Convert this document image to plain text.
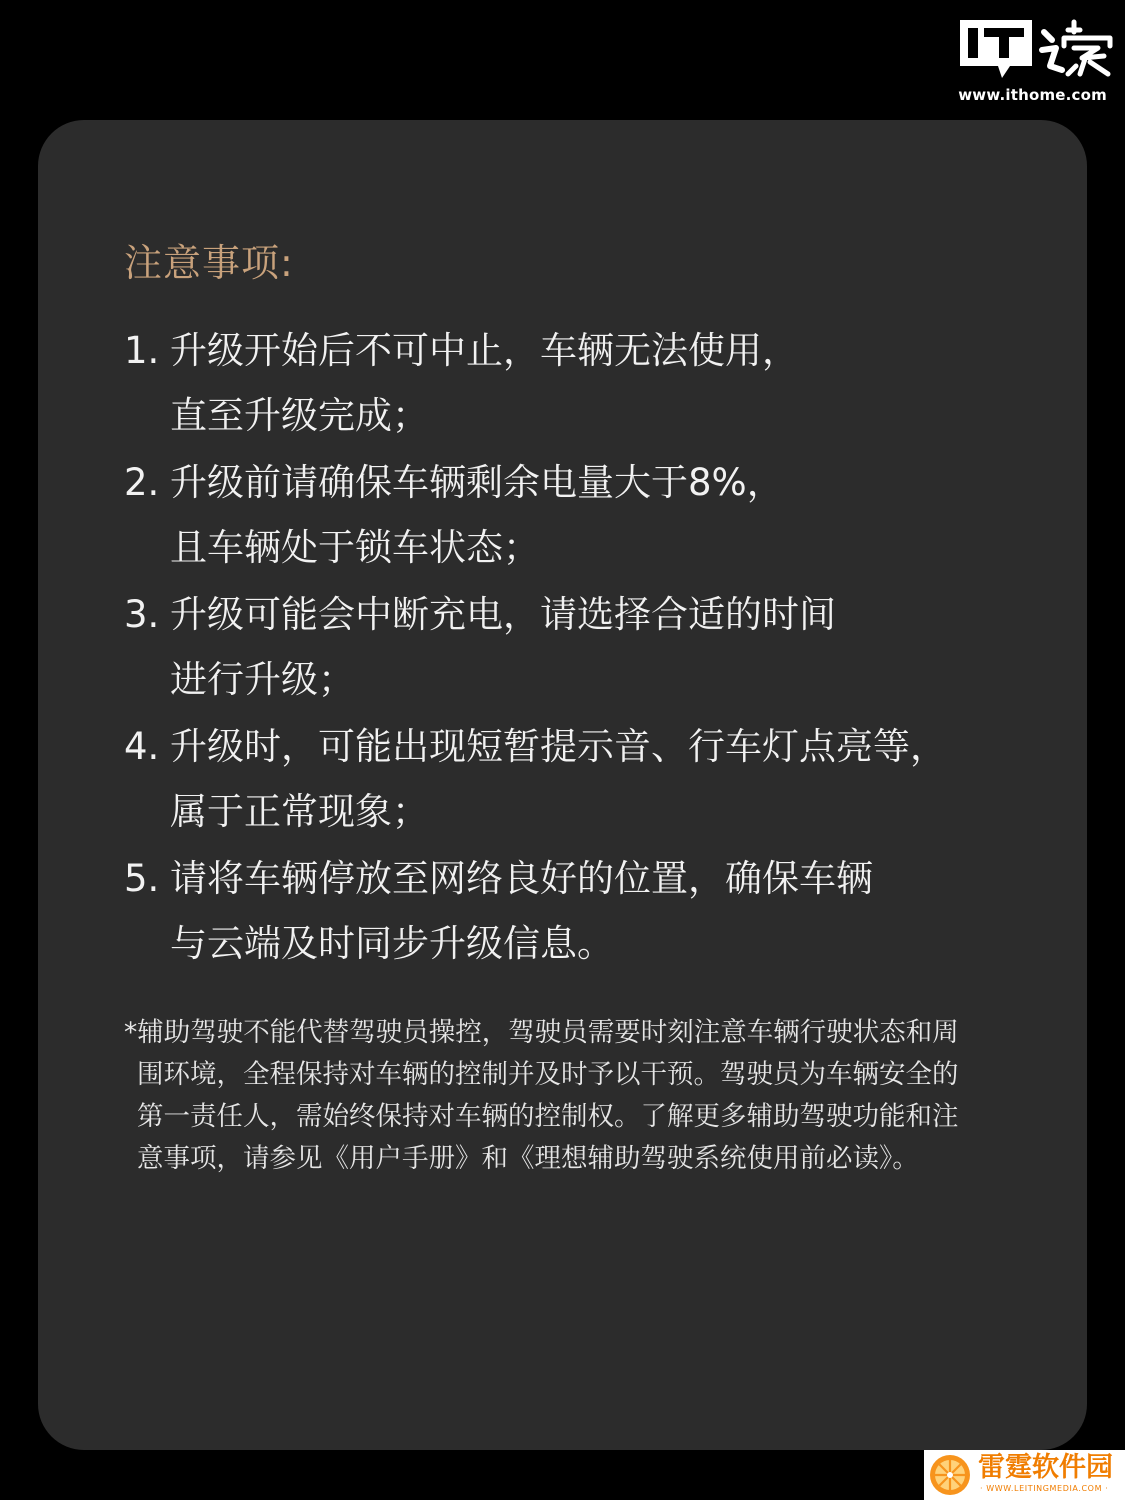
www.ithome.com
注意事项:
1. 升级开始后不可中止，车辆无法使用，
直至升级完成；
2. 升级前请确保车辆剩余电量大于8%，
且车辆处于锁车状态；
3. 升级可能会中断充电，请选择合适的时间
进行升级；
4. 升级时，可能出现短暂提示音、行车灯点亮等，
属于正常现象；
5. 请将车辆停放至网络良好的位置，确保车辆
与云端及时同步升级信息。
*辅助驾驶不能代替驾驶员操控，驾驶员需要时刻注意车辆行驶状态和周
围环境，全程保持对车辆的控制并及时予以干预。驾驶员为车辆安全的
第一责任人，需始终保持对车辆的控制权。了解更多辅助驾驶功能和注
意事项，请参见《用户手册》和《理想辅助驾驶系统使用前必读》。
雷霆软件园
· WWW.LEITINGMEDIA.COM ·
